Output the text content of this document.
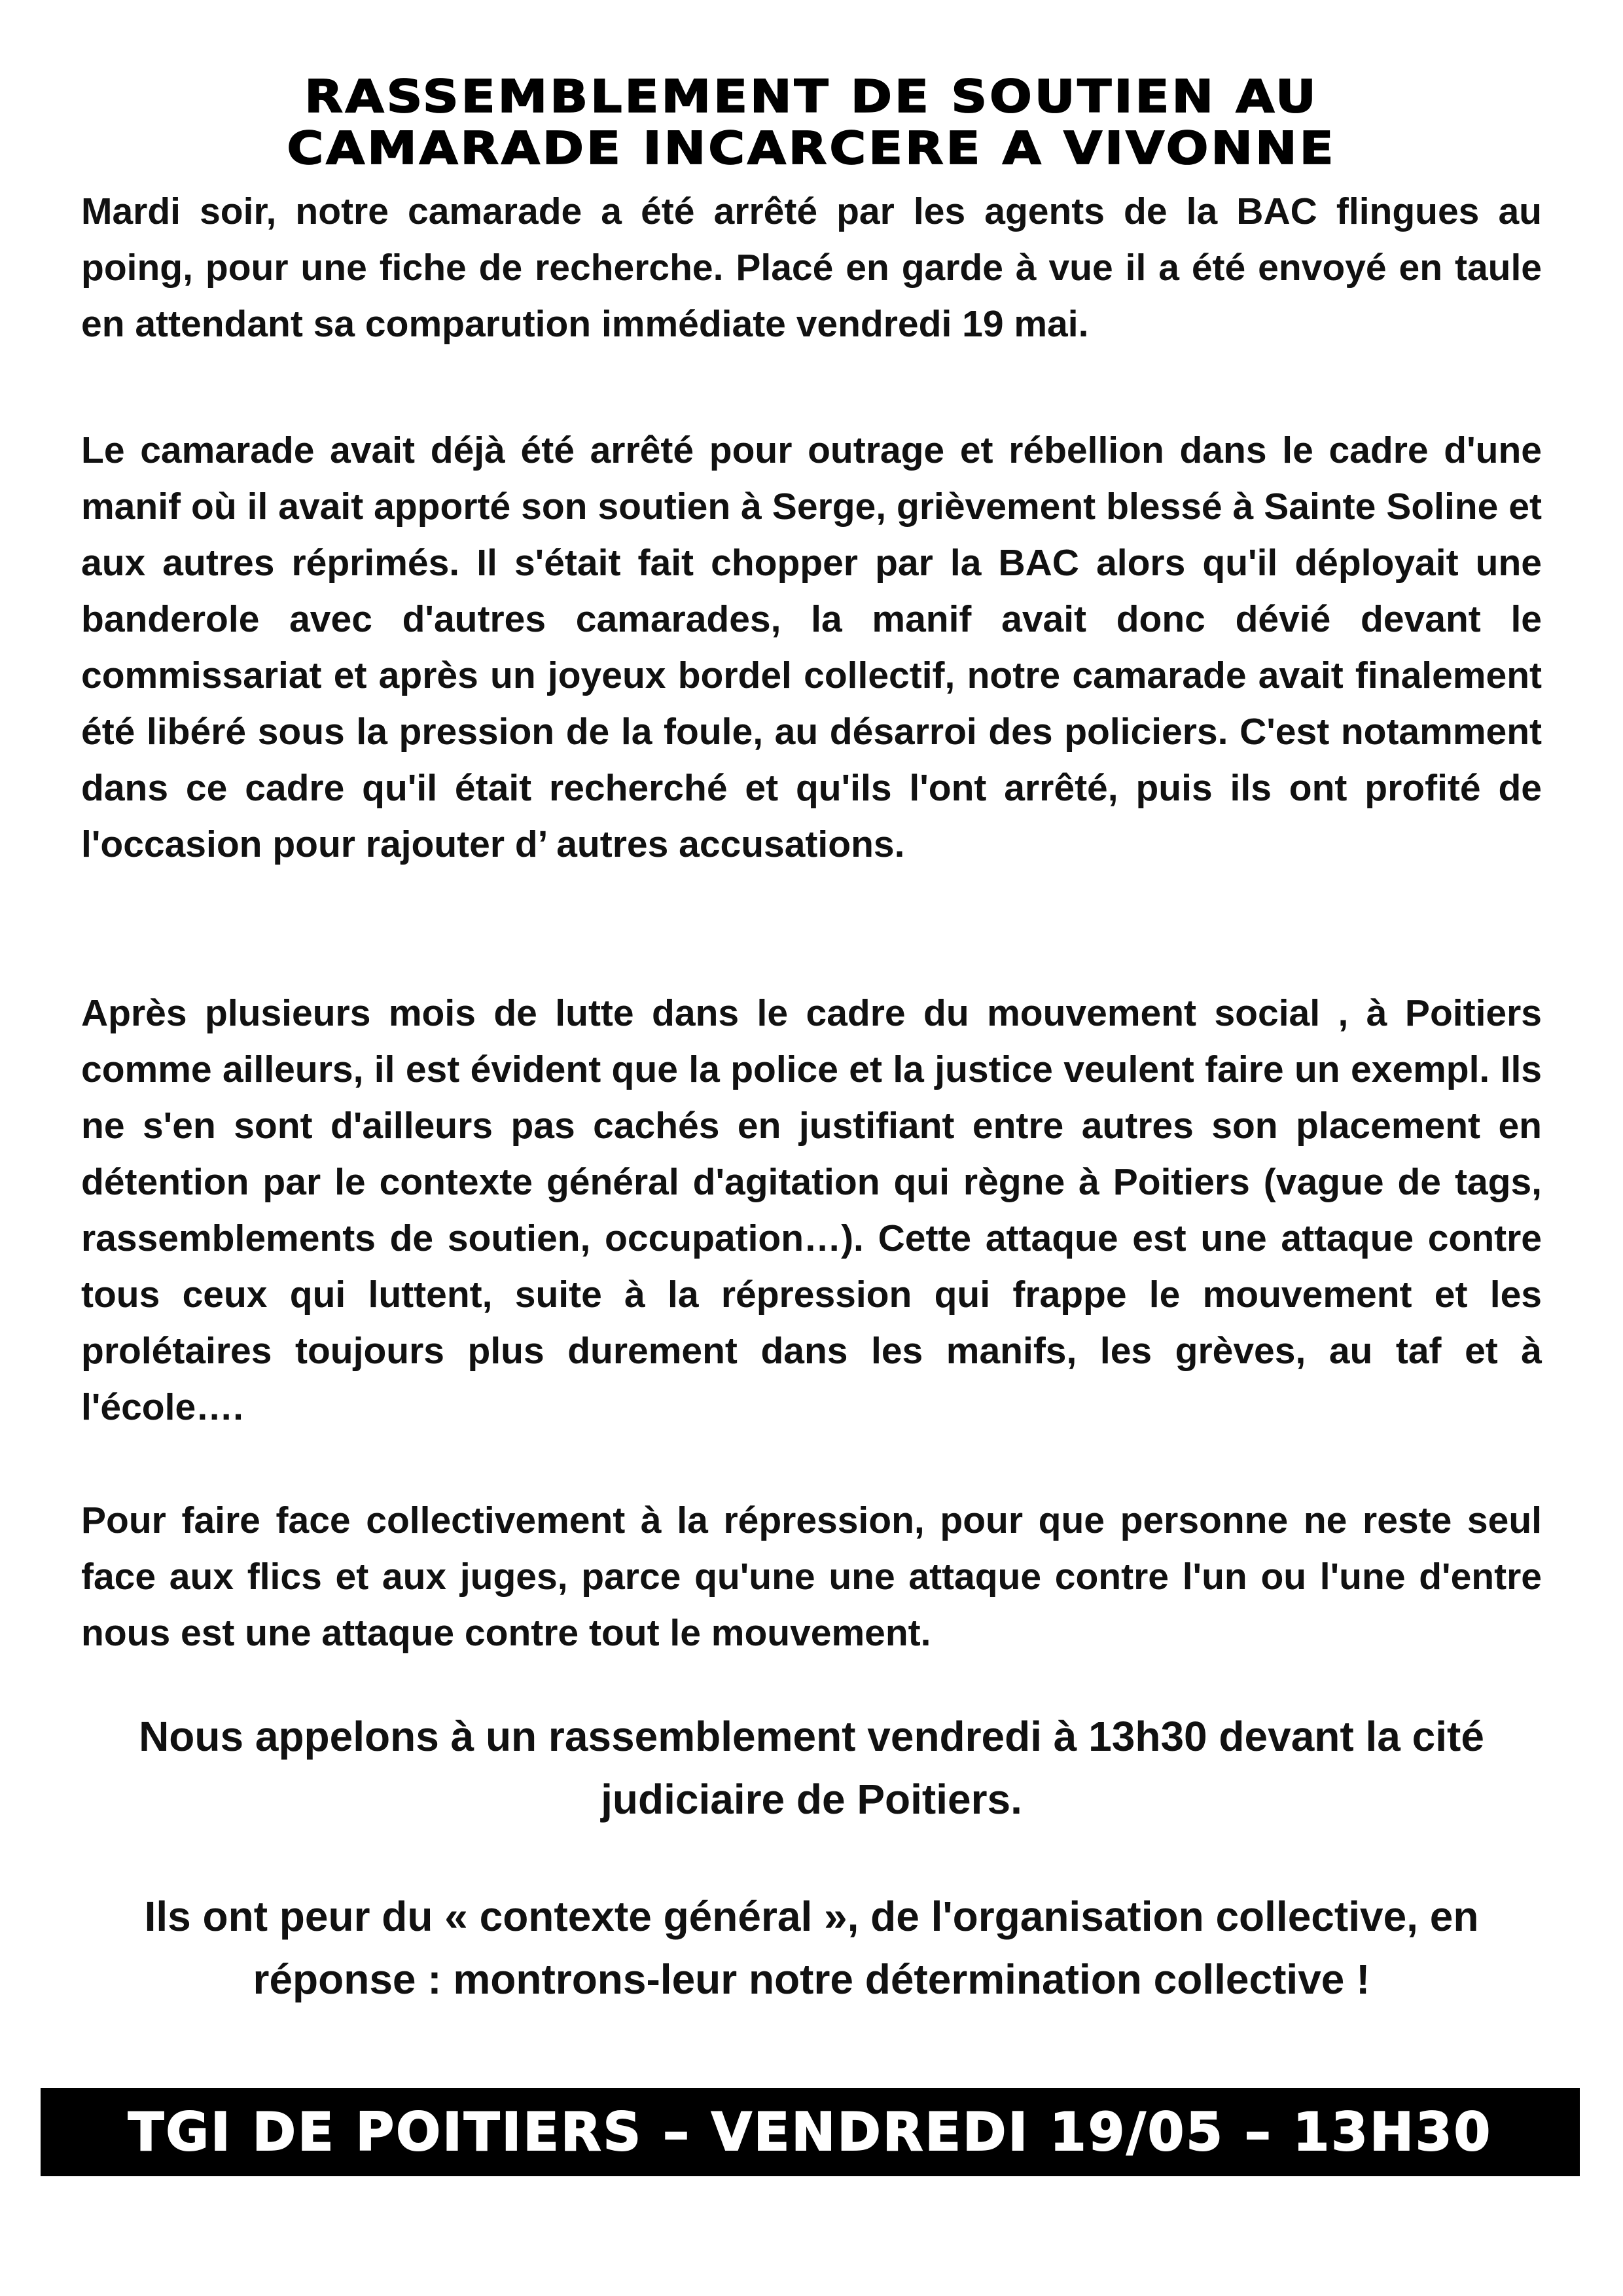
RASSEMBLEMENT DE SOUTIEN AU
CAMARADE INCARCERE A VIVONNE

Mardi soir, notre camarade a été arrêté par les agents de la BAC flingues au poing, pour une fiche de recherche. Placé en garde à vue il a été envoyé en taule en attendant sa comparution immédiate vendredi 19 mai.

Le camarade avait déjà été arrêté pour outrage et rébellion dans le cadre d'une manif où il avait apporté son soutien à Serge, grièvement blessé à Sainte Soline et aux autres réprimés. Il s'était fait chopper par la BAC alors qu'il déployait une banderole avec d'autres camarades, la manif avait donc dévié devant le commissariat et après un joyeux bordel collectif, notre camarade avait finalement été libéré sous la pression de la foule, au désarroi des policiers. C'est notamment dans ce cadre qu'il était recherché et qu'ils l'ont arrêté, puis ils ont profité de l'occasion pour rajouter d’ autres accusations.

Après plusieurs mois de lutte dans le cadre du mouvement social , à Poitiers comme ailleurs, il est évident que la police et la justice veulent faire un exempl. Ils ne s'en sont d'ailleurs pas cachés en justifiant entre autres son placement en détention par le contexte général d'agitation qui règne à Poitiers (vague de tags, rassemblements de soutien, occupation…). Cette attaque est une attaque contre tous ceux qui luttent, suite à la répression qui frappe le mouvement et les prolétaires toujours plus durement dans les manifs, les grèves, au taf et à l'école….

Pour faire face collectivement à la répression, pour que personne ne reste seul face aux flics et aux juges, parce qu'une une attaque contre l'un ou l'une d'entre nous est une attaque contre tout le mouvement.

Nous appelons à un rassemblement vendredi à 13h30 devant la cité judiciaire de Poitiers.

Ils ont peur du « contexte général », de l'organisation collective, en réponse : montrons-leur notre détermination collective !

TGI DE POITIERS – VENDREDI 19/05 – 13H30
